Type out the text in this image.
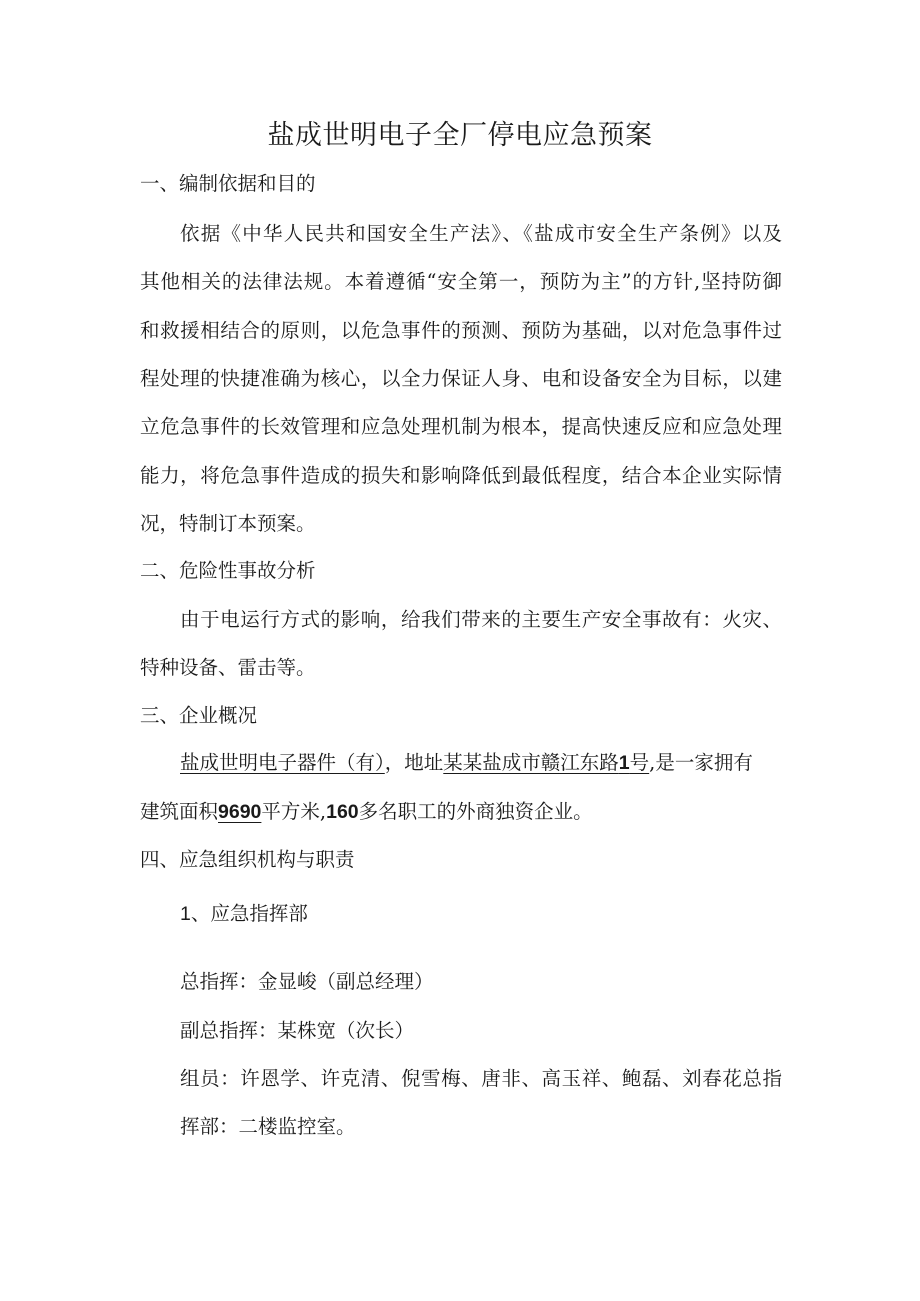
盐成世明电子全厂停电应急预案
一、编制依据和目的
依据《中华人民共和国安全生产法》、《盐成市安全生产条例》以及
其他相关的法律法规。本着遵循“安全第一，预防为主”的方针,坚持防御
和救援相结合的原则，以危急事件的预测、预防为基础，以对危急事件过
程处理的快捷准确为核心，以全力保证人身、电和设备安全为目标，以建
立危急事件的长效管理和应急处理机制为根本，提高快速反应和应急处理
能力，将危急事件造成的损失和影响降低到最低程度，结合本企业实际情
况，特制订本预案。
二、危险性事故分析
由于电运行方式的影响，给我们带来的主要生产安全事故有：火灾、
特种设备、雷击等。
三、企业概况
盐成世明电子器件（有），地址某某盐成市赣江东路1号,是一家拥有
建筑面积9690平方米,160多名职工的外商独资企业。
四、应急组织机构与职责
1、应急指挥部
总指挥：金显峻（副总经理）
副总指挥：某株宽（次长）
组员：许恩学、许克清、倪雪梅、唐非、高玉祥、鲍磊、刘春花总指
挥部：二楼监控室。
